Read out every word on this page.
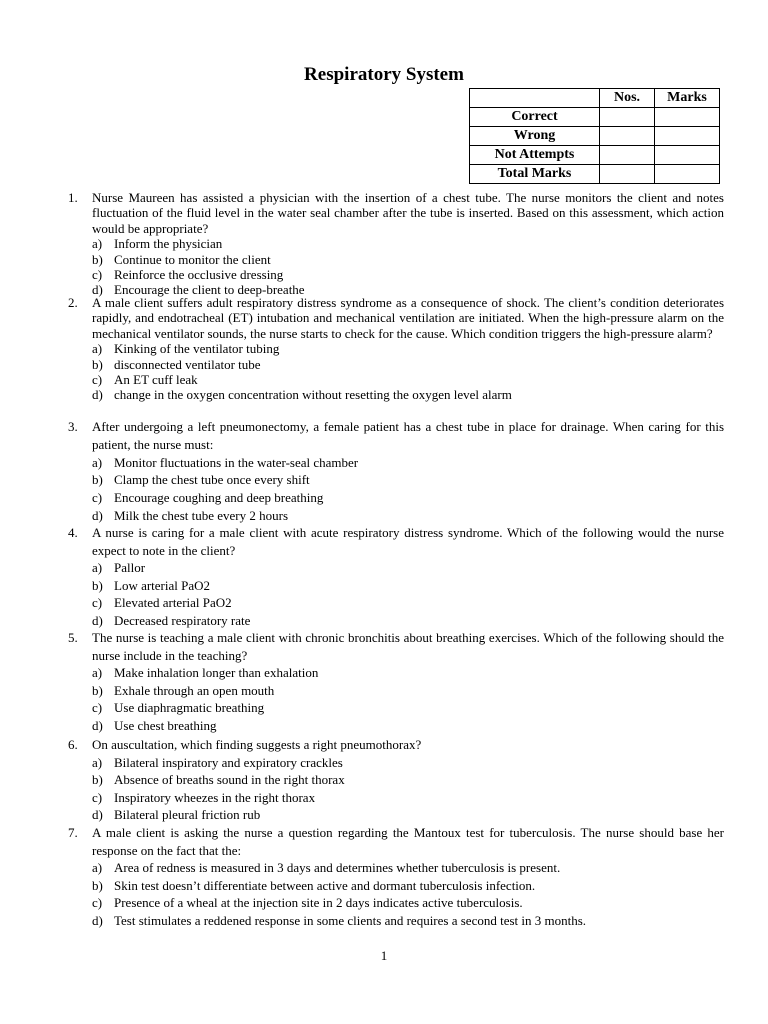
Respiratory System
	Nos.	Marks
Correct		
Wrong		
Not Attempts		
Total Marks		
1.	Nurse Maureen has assisted a physician with the insertion of a chest tube. The nurse monitors the client and notes fluctuation of the fluid level in the water seal chamber after the tube is inserted. Based on this assessment, which action would be appropriate?
a) Inform the physician
b) Continue to monitor the client
c) Reinforce the occlusive dressing
d) Encourage the client to deep-breathe
2.	A male client suffers adult respiratory distress syndrome as a consequence of shock. The client’s condition deteriorates rapidly, and endotracheal (ET) intubation and mechanical ventilation are initiated. When the high-pressure alarm on the mechanical ventilator sounds, the nurse starts to check for the cause. Which condition triggers the high-pressure alarm?
a) Kinking of the ventilator tubing
b) disconnected ventilator tube
c) An ET cuff leak
d) change in the oxygen concentration without resetting the oxygen level alarm
3.	After undergoing a left pneumonectomy, a female patient has a chest tube in place for drainage. When caring for this patient, the nurse must:
a) Monitor fluctuations in the water-seal chamber
b) Clamp the chest tube once every shift
c) Encourage coughing and deep breathing
d) Milk the chest tube every 2 hours
4.	A nurse is caring for a male client with acute respiratory distress syndrome. Which of the following would the nurse expect to note in the client?
a) Pallor
b) Low arterial PaO2
c) Elevated arterial PaO2
d) Decreased respiratory rate
5.	The nurse is teaching a male client with chronic bronchitis about breathing exercises. Which of the following should the nurse include in the teaching?
a) Make inhalation longer than exhalation
b) Exhale through an open mouth
c) Use diaphragmatic breathing
d) Use chest breathing
6.	On auscultation, which finding suggests a right pneumothorax?
a) Bilateral inspiratory and expiratory crackles
b) Absence of breaths sound in the right thorax
c) Inspiratory wheezes in the right thorax
d) Bilateral pleural friction rub
7.	A male client is asking the nurse a question regarding the Mantoux test for tuberculosis. The nurse should base her response on the fact that the:
a) Area of redness is measured in 3 days and determines whether tuberculosis is present.
b) Skin test doesn’t differentiate between active and dormant tuberculosis infection.
c) Presence of a wheal at the injection site in 2 days indicates active tuberculosis.
d) Test stimulates a reddened response in some clients and requires a second test in 3 months.
1
